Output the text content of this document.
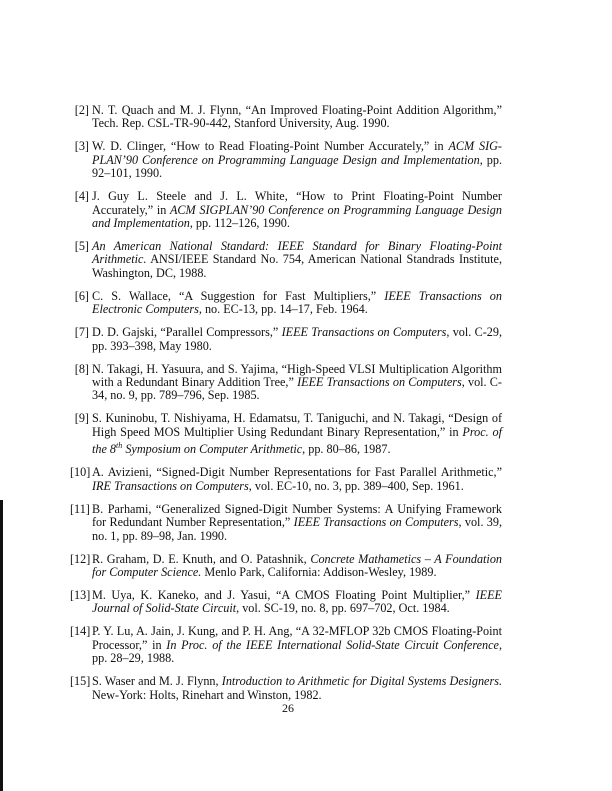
[2] N. T. Quach and M. J. Flynn, “An Improved Floating-Point Addition Algorithm,” Tech. Rep. CSL-TR-90-442, Stanford University, Aug. 1990.
[3] W. D. Clinger, “How to Read Floating-Point Number Accurately,” in ACM SIG-PLAN’90 Conference on Programming Language Design and Implementation, pp. 92–101, 1990.
[4] J. Guy L. Steele and J. L. White, “How to Print Floating-Point Number Accurately,” in ACM SIGPLAN’90 Conference on Programming Language Design and Implementation, pp. 112–126, 1990.
[5] An American National Standard: IEEE Standard for Binary Floating-Point Arithmetic. ANSI/IEEE Standard No. 754, American National Standrads Institute, Washington, DC, 1988.
[6] C. S. Wallace, “A Suggestion for Fast Multipliers,” IEEE Transactions on Electronic Computers, no. EC-13, pp. 14–17, Feb. 1964.
[7] D. D. Gajski, “Parallel Compressors,” IEEE Transactions on Computers, vol. C-29, pp. 393–398, May 1980.
[8] N. Takagi, H. Yasuura, and S. Yajima, “High-Speed VLSI Multiplication Algorithm with a Redundant Binary Addition Tree,” IEEE Transactions on Computers, vol. C-34, no. 9, pp. 789–796, Sep. 1985.
[9] S. Kuninobu, T. Nishiyama, H. Edamatsu, T. Taniguchi, and N. Takagi, “Design of High Speed MOS Multiplier Using Redundant Binary Representation,” in Proc. of the 8th Symposium on Computer Arithmetic, pp. 80–86, 1987.
[10] A. Avizieni, “Signed-Digit Number Representations for Fast Parallel Arithmetic,” IRE Transactions on Computers, vol. EC-10, no. 3, pp. 389–400, Sep. 1961.
[11] B. Parhami, “Generalized Signed-Digit Number Systems: A Unifying Framework for Redundant Number Representation,” IEEE Transactions on Computers, vol. 39, no. 1, pp. 89–98, Jan. 1990.
[12] R. Graham, D. E. Knuth, and O. Patashnik, Concrete Mathametics – A Foundation for Computer Science. Menlo Park, California: Addison-Wesley, 1989.
[13] M. Uya, K. Kaneko, and J. Yasui, “A CMOS Floating Point Multiplier,” IEEE Journal of Solid-State Circuit, vol. SC-19, no. 8, pp. 697–702, Oct. 1984.
[14] P. Y. Lu, A. Jain, J. Kung, and P. H. Ang, “A 32-MFLOP 32b CMOS Floating-Point Processor,” in In Proc. of the IEEE International Solid-State Circuit Conference, pp. 28–29, 1988.
[15] S. Waser and M. J. Flynn, Introduction to Arithmetic for Digital Systems Designers. New-York: Holts, Rinehart and Winston, 1982.
26
